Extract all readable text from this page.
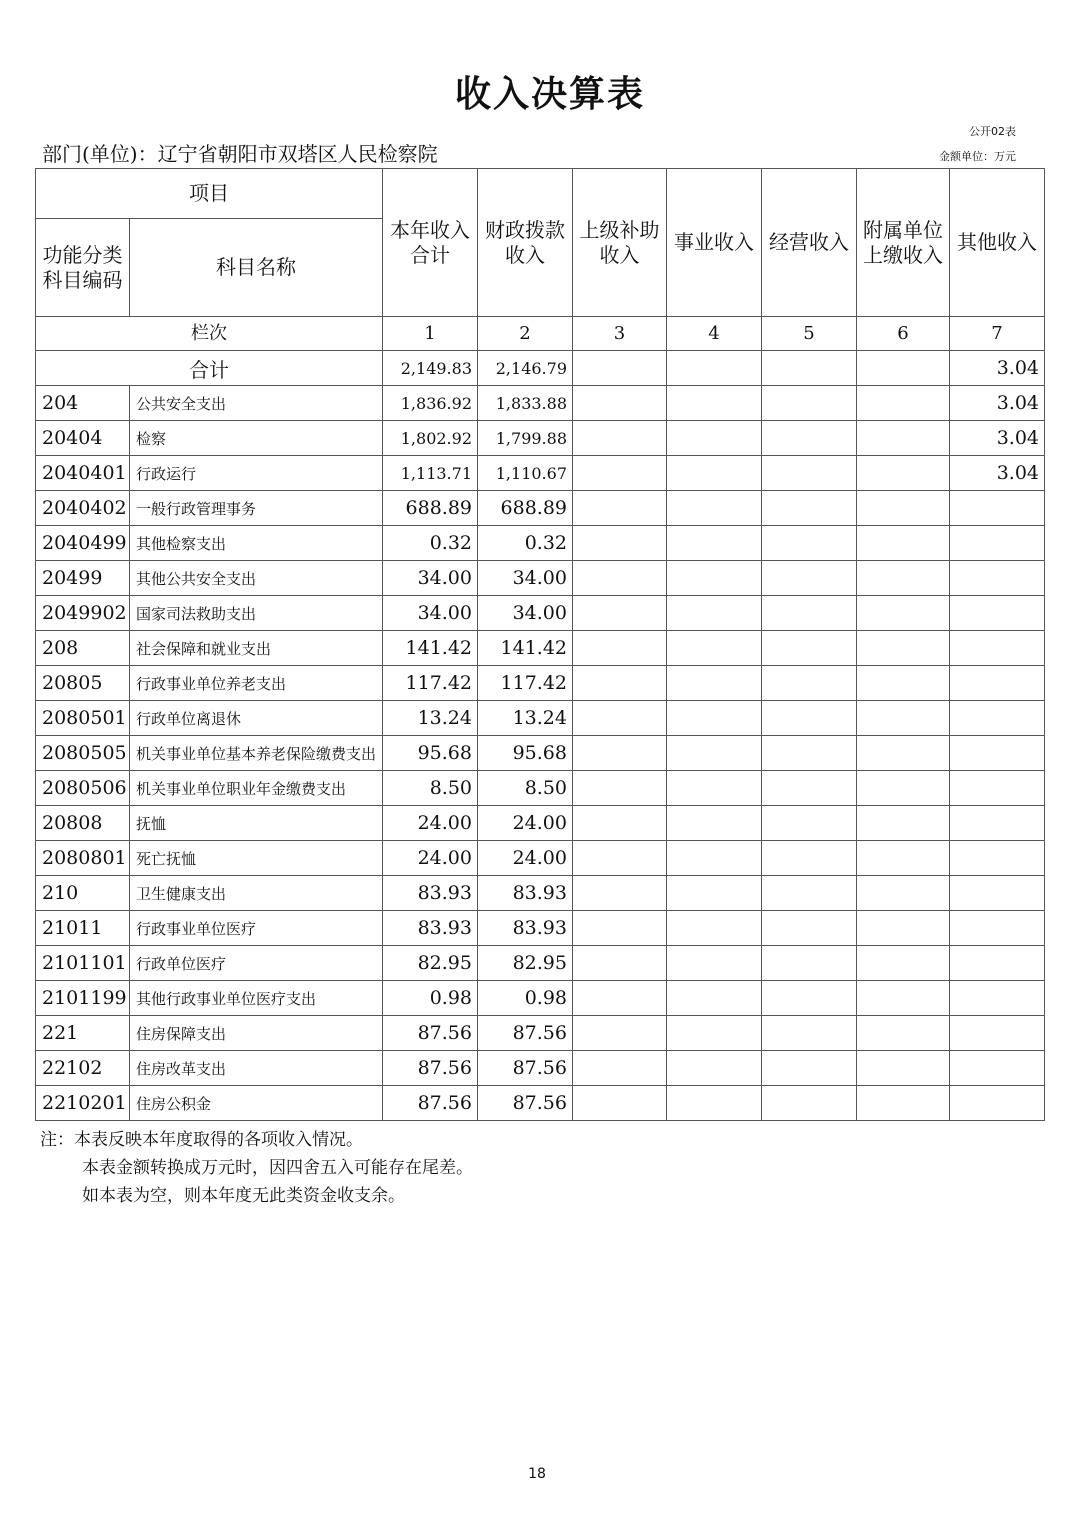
收入决算表
公开02表
部门(单位)：辽宁省朝阳市双塔区人民检察院	金额单位：万元
项目		本年收入合计	财政拨款收入	上级补助收入	事业收入	经营收入	附属单位上缴收入	其他收入
功能分类科目编码	科目名称							
栏次		1	2	3	4	5	6	7
合计		2,149.83	2,146.79					3.04
204	公共安全支出	1,836.92	1,833.88					3.04
20404	检察	1,802.92	1,799.88					3.04
2040401	行政运行	1,113.71	1,110.67					3.04
2040402	一般行政管理事务	688.89	688.89					
2040499	其他检察支出	0.32	0.32					
20499	其他公共安全支出	34.00	34.00					
2049902	国家司法救助支出	34.00	34.00					
208	社会保障和就业支出	141.42	141.42					
20805	行政事业单位养老支出	117.42	117.42					
2080501	行政单位离退休	13.24	13.24					
2080505	机关事业单位基本养老保险缴费支出	95.68	95.68					
2080506	机关事业单位职业年金缴费支出	8.50	8.50					
20808	抚恤	24.00	24.00					
2080801	死亡抚恤	24.00	24.00					
210	卫生健康支出	83.93	83.93					
21011	行政事业单位医疗	83.93	83.93					
2101101	行政单位医疗	82.95	82.95					
2101199	其他行政事业单位医疗支出	0.98	0.98					
221	住房保障支出	87.56	87.56					
22102	住房改革支出	87.56	87.56					
2210201	住房公积金	87.56	87.56					
注：本表反映本年度取得的各项收入情况。
本表金额转换成万元时，因四舍五入可能存在尾差。
如本表为空，则本年度无此类资金收支余。
18
